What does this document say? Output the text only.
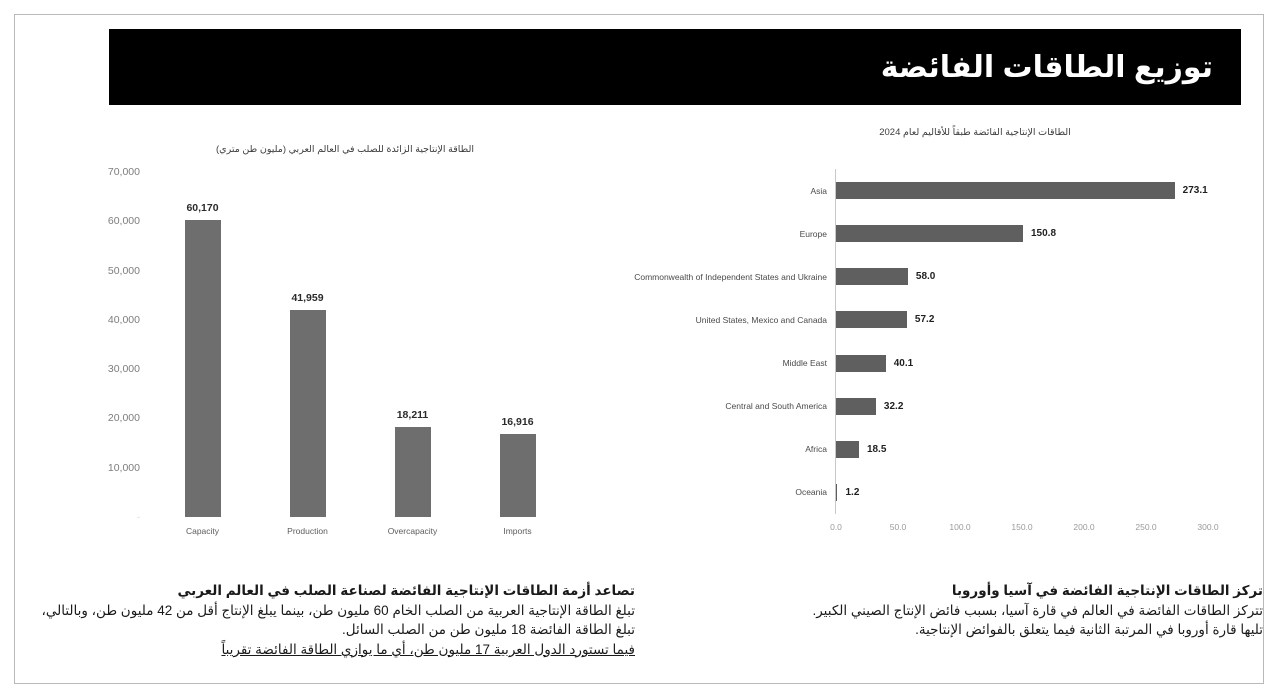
توزيع الطاقات الفائضة
الطاقة الإنتاجية الزائدة للصلب في العالم العربي (مليون طن متري)
70,000
60,000
50,000
40,000
30,000
20,000
10,000
-
60,170
Capacity
41,959
Production
18,211
Overcapacity
16,916
Imports
الطاقات الإنتاجية الفائضة طبقاً للأقاليم لعام 2024
Asia	273.1
Europe	150.8
Commonwealth of Independent States and Ukraine	58.0
United States, Mexico and Canada	57.2
Middle East	40.1
Central and South America	32.2
Africa	18.5
Oceania 1.2
0.0	50.0	100.0	150.0	200.0	250.0	300.0
تصاعد أزمة الطاقات الإنتاجية الفائضة لصناعة الصلب في العالم العربي
تبلغ الطاقة الإنتاجية العربية من الصلب الخام 60 مليون طن، بينما يبلغ الإنتاج أقل من 42 مليون طن، وبالتالي، تبلغ الطاقة الفائضة 18 مليون طن من الصلب السائل.
فيما تستورد الدول العربية 17 مليون طن، أي ما يوازي الطاقة الفائضة تقريباً
تركز الطاقات الإنتاجية الفائضة في آسيا وأوروبا
تتركز الطاقات الفائضة في العالم في قارة آسيا، بسبب فائض الإنتاج الصيني الكبير.
تليها قارة أوروبا في المرتبة الثانية فيما يتعلق بالفوائض الإنتاجية.
